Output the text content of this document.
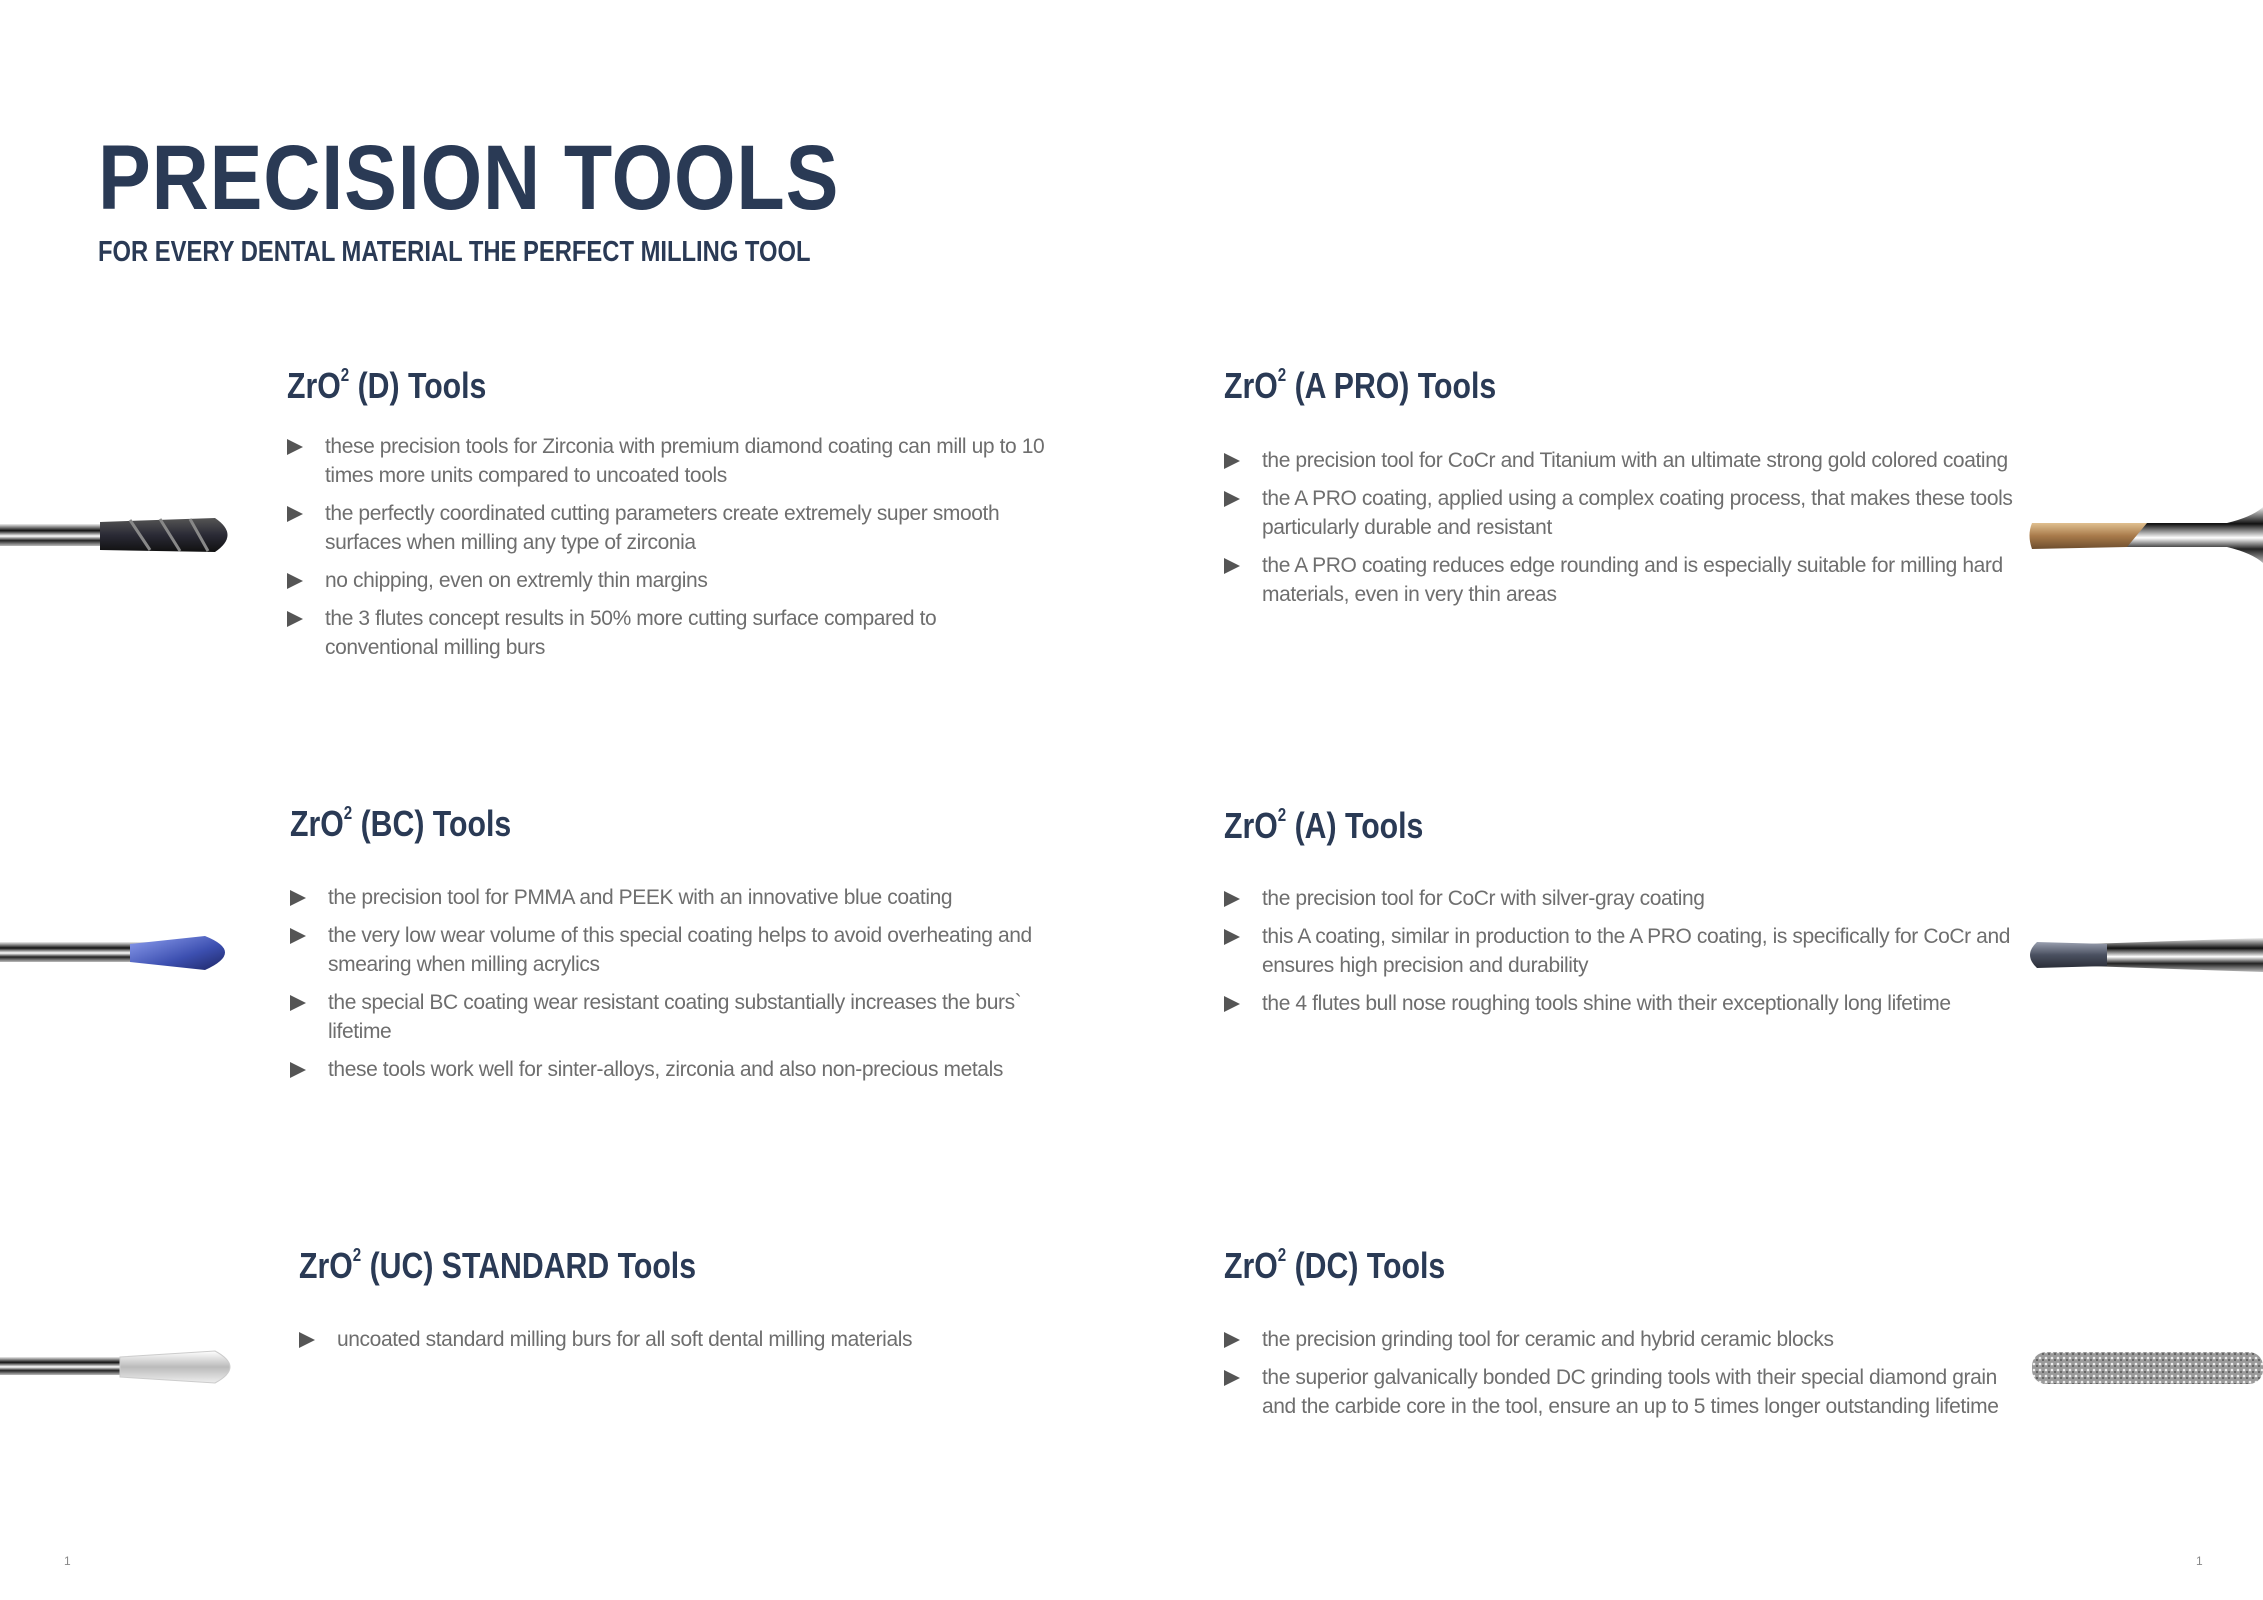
PRECISION TOOLS
FOR EVERY DENTAL MATERIAL THE PERFECT MILLING TOOL
ZrO$^2$ (D) Tools
these precision tools for Zirconia with premium diamond coating can mill up to 10 times more units compared to uncoated tools
the perfectly coordinated cutting parameters create extremely super smooth surfaces when milling any type of zirconia
no chipping, even on extremly thin margins
the 3 flutes concept results in 50% more cutting surface compared to conventional milling burs
ZrO$^2$ (A PRO) Tools
the precision tool for CoCr and Titanium with an ultimate strong gold colored coating
the A PRO coating, applied using a complex coating process, that makes these tools particularly durable and resistant
the A PRO coating reduces edge rounding and is especially suitable for milling hard materials, even in very thin areas
ZrO$^2$ (BC) Tools
the precision tool for PMMA and PEEK with an innovative blue coating
the very low wear volume of this special coating helps to avoid overheating and smearing when milling acrylics
the special BC coating wear resistant coating substantially increases the burs` lifetime
these tools work well for sinter-alloys, zirconia and also non-precious metals
ZrO$^2$ (A) Tools
the precision tool for CoCr with silver-gray coating
this A coating, similar in production to the A PRO coating, is specifically for CoCr and ensures high precision and durability
the 4 flutes bull nose roughing tools shine with their exceptionally long lifetime
ZrO$^2$ (UC) STANDARD Tools
uncoated standard milling burs for all soft dental milling materials
ZrO$^2$ (DC) Tools
the precision grinding tool for ceramic and hybrid ceramic blocks
the superior galvanically bonded DC grinding tools with their special diamond grain and the carbide core in the tool, ensure an up to 5 times longer outstanding lifetime
1	1
